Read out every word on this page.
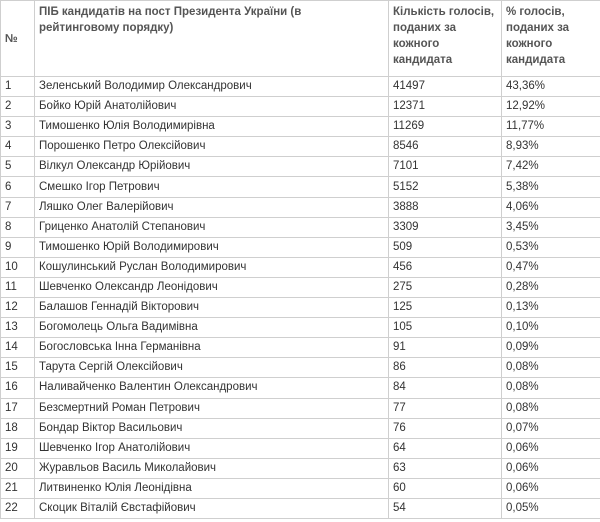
№	ПІБ кандидатів на пост Президента України (в рейтинговому порядку)	Кількість голосів, поданих за кожного кандидата	% голосів, поданих за кожного кандидата
1	Зеленський Володимир Олександрович	41497	43,36%
2	Бойко Юрій Анатолійович	12371	12,92%
3	Тимошенко Юлія Володимирівна	11269	11,77%
4	Порошенко Петро Олексійович	8546	8,93%
5	Вілкул Олександр Юрійович	7101	7,42%
6	Смешко Ігор Петрович	5152	5,38%
7	Ляшко Олег Валерійович	3888	4,06%
8	Гриценко Анатолій Степанович	3309	3,45%
9	Тимошенко Юрій Володимирович	509	0,53%
10	Кошулинський Руслан Володимирович	456	0,47%
11	Шевченко Олександр Леонідович	275	0,28%
12	Балашов Геннадій Вікторович	125	0,13%
13	Богомолець Ольга Вадимівна	105	0,10%
14	Богословська Інна Германівна	91	0,09%
15	Тарута Сергій Олексійович	86	0,08%
16	Наливайченко Валентин Олександрович	84	0,08%
17	Безсмертний Роман Петрович	77	0,08%
18	Бондар Віктор Васильович	76	0,07%
19	Шевченко Ігор Анатолійович	64	0,06%
20	Журавльов Василь Миколайович	63	0,06%
21	Литвиненко Юлія Леонідівна	60	0,06%
22	Скоцик Віталій Євстафійович	54	0,05%
